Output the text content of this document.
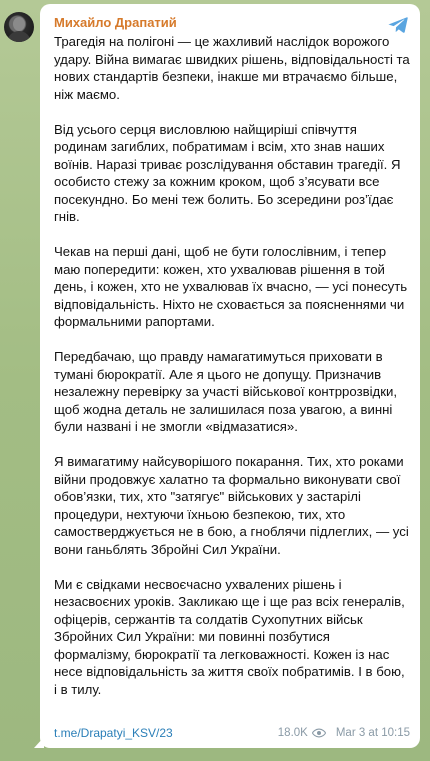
Михайло Драпатий

Трагедія на полігоні — це жахливий наслідок ворожого удару. Війна вимагає швидких рішень, відповідальності та нових стандартів безпеки, інакше ми втрачаємо більше, ніж маємо.

Від усього серця висловлюю найщиріші співчуття родинам загиблих, побратимам і всім, хто знав наших воїнів. Наразі триває розслідування обставин трагедії. Я особисто стежу за кожним кроком, щоб з’ясувати все посекундно. Бо мені теж болить. Бо зсередини роз’їдає гнів.

Чекав на перші дані, щоб не бути голослівним, і тепер маю попередити: кожен, хто ухвалював рішення в той день, і кожен, хто не ухвалював їх вчасно, — усі понесуть відповідальність. Ніхто не сховається за поясненнями чи формальними рапортами.

Передбачаю, що правду намагатимуться приховати в тумані бюрократії. Але я цього не допущу. Призначив незалежну перевірку за участі військової контррозвідки, щоб жодна деталь не залишилася поза увагою, а винні були названі і не змогли «відмазатися».

Я вимагатиму найсуворішого покарання. Тих, хто роками війни продовжує халатно та формально виконувати свої обов’язки, тих, хто "затягує" військових у застарілі процедури, нехтуючи їхньою безпекою, тих, хто самостверджується не в бою, а гноблячи підлеглих, — усі вони ганьблять Збройні Сил України.

Ми є свідками несвоєчасно ухвалених рішень і незасвоєних уроків. Закликаю ще і ще раз всіх генералів, офіцерів, сержантів та солдатів Сухопутних військ Збройних Сил України: ми повинні позбутися формалізму, бюрократії та легковажності. Кожен із нас несе відповідальність за життя своїх побратимів. І в бою, і в тилу.

t.me/Drapatyi_KSV/23	18.0K Mar 3 at 10:15
